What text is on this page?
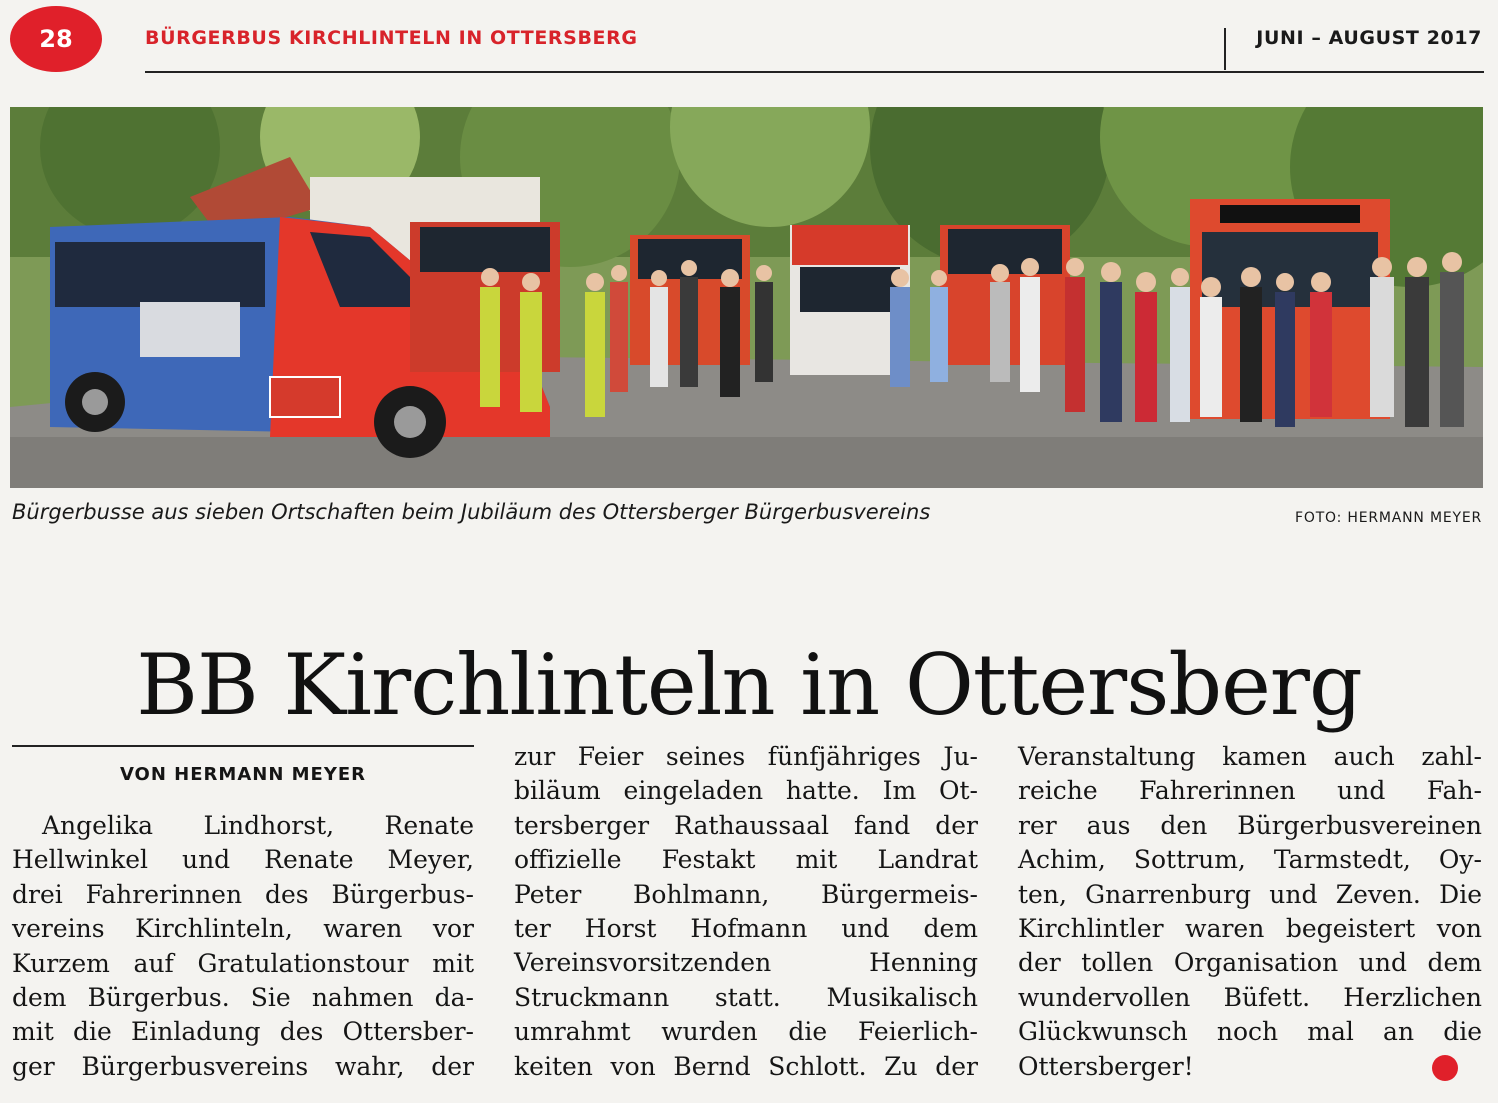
28	BÜRGERBUS KIRCHLINTELN IN OTTERSBERG	JUNI – AUGUST 2017
Bürgerbusse aus sieben Ortschaften beim Jubiläum des Ottersberger Bürgerbusvereins	FOTO: HERMANN MEYER
BB Kirchlinteln in Ottersberg
VON HERMANN MEYER

Angelika Lindhorst, Renate

Hellwinkel und Renate Meyer,

drei Fahrerinnen des Bürgerbus-

vereins Kirchlinteln, waren vor

Kurzem auf Gratulationstour mit

dem Bürgerbus. Sie nahmen da-

mit die Einladung des Ottersber-

ger Bürgerbusvereins wahr, der

zur Feier seines fünfjähriges Ju-

biläum eingeladen hatte. Im Ot-

tersberger Rathaussaal fand der

offizielle Festakt mit Landrat

Peter Bohlmann, Bürgermeis-

ter Horst Hofmann und dem

Vereinsvorsitzenden Henning

Struckmann statt. Musikalisch

umrahmt wurden die Feierlich-

keiten von Bernd Schlott. Zu der

Veranstaltung kamen auch zahl-

reiche Fahrerinnen und Fah-

rer aus den Bürgerbusvereinen

Achim, Sottrum, Tarmstedt, Oy-

ten, Gnarrenburg und Zeven. Die

Kirchlintler waren begeistert von

der tollen Organisation und dem

wundervollen Büfett. Herzlichen

Glückwunsch noch mal an die

Ottersberger!
